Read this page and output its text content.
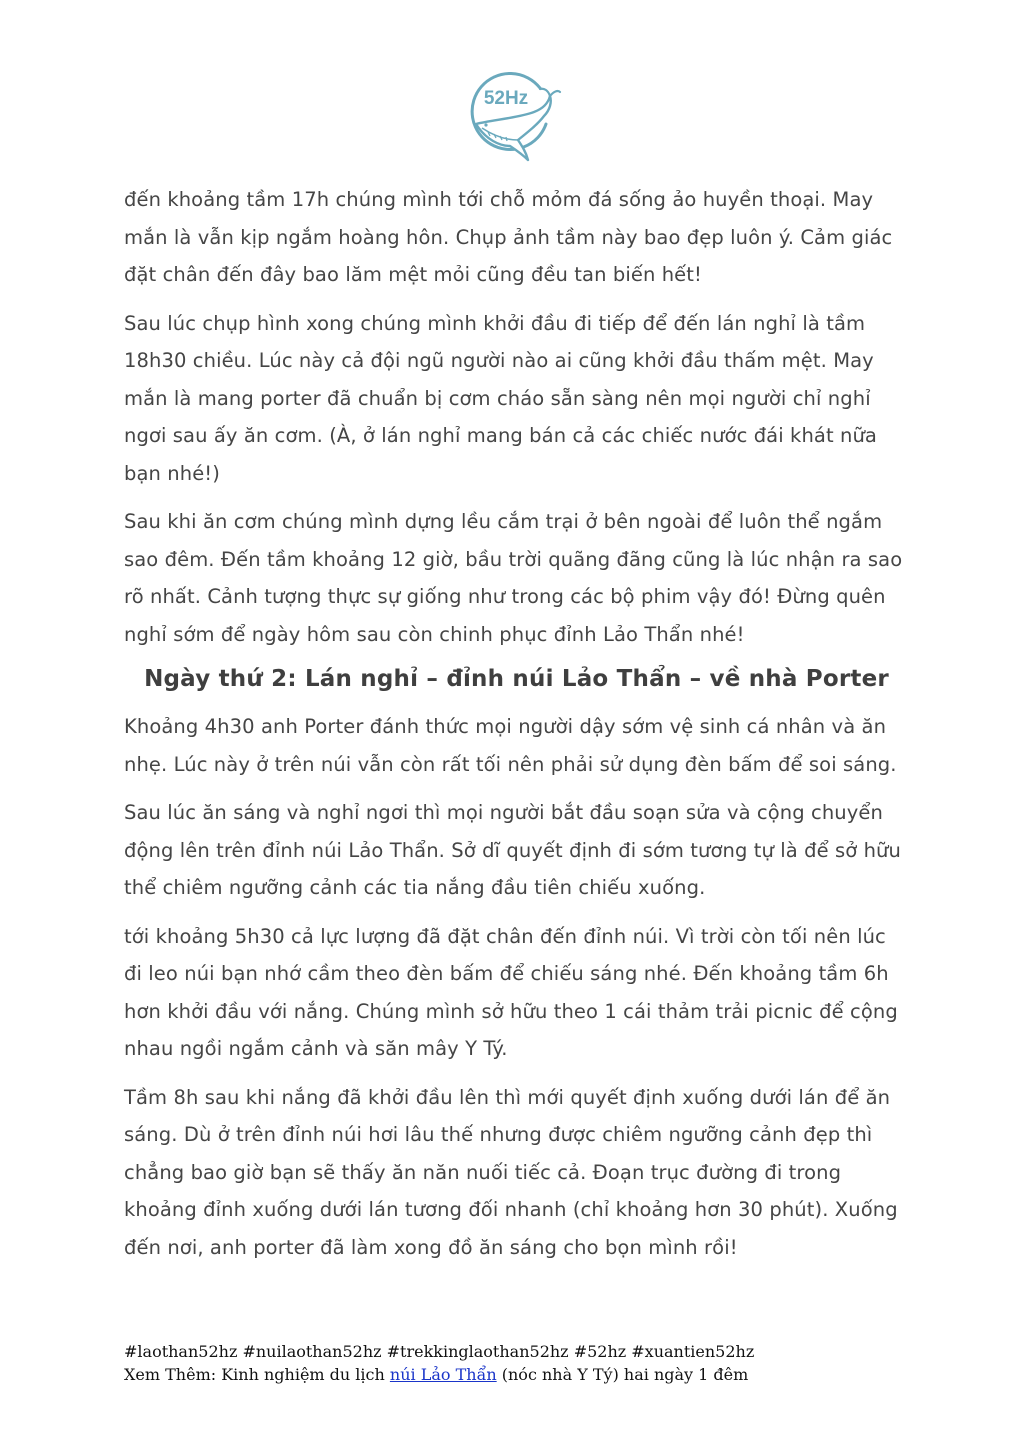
52Hz

đến khoảng tầm 17h chúng mình tới chỗ mỏm đá sống ảo huyền thoại. May mắn là vẫn kịp ngắm hoàng hôn. Chụp ảnh tầm này bao đẹp luôn ý. Cảm giác đặt chân đến đây bao lăm mệt mỏi cũng đều tan biến hết!

Sau lúc chụp hình xong chúng mình khởi đầu đi tiếp để đến lán nghỉ là tầm 18h30 chiều. Lúc này cả đội ngũ người nào ai cũng khởi đầu thấm mệt. May mắn là mang porter đã chuẩn bị cơm cháo sẵn sàng nên mọi người chỉ nghỉ ngơi sau ấy ăn cơm. (À, ở lán nghỉ mang bán cả các chiếc nước đái khát nữa bạn nhé!)

Sau khi ăn cơm chúng mình dựng lều cắm trại ở bên ngoài để luôn thể ngắm sao đêm. Đến tầm khoảng 12 giờ, bầu trời quãng đãng cũng là lúc nhận ra sao rõ nhất. Cảnh tượng thực sự giống như trong các bộ phim vậy đó! Đừng quên nghỉ sớm để ngày hôm sau còn chinh phục đỉnh Lảo Thẩn nhé!

Ngày thứ 2: Lán nghỉ – đỉnh núi Lảo Thẩn – về nhà Porter

Khoảng 4h30 anh Porter đánh thức mọi người dậy sớm vệ sinh cá nhân và ăn nhẹ. Lúc này ở trên núi vẫn còn rất tối nên phải sử dụng đèn bấm để soi sáng.

Sau lúc ăn sáng và nghỉ ngơi thì mọi người bắt đầu soạn sửa và cộng chuyển động lên trên đỉnh núi Lảo Thẩn. Sở dĩ quyết định đi sớm tương tự là để sở hữu thể chiêm ngưỡng cảnh các tia nắng đầu tiên chiếu xuống.

tới khoảng 5h30 cả lực lượng đã đặt chân đến đỉnh núi. Vì trời còn tối nên lúc đi leo núi bạn nhớ cầm theo đèn bấm để chiếu sáng nhé. Đến khoảng tầm 6h hơn khởi đầu với nắng. Chúng mình sở hữu theo 1 cái thảm trải picnic để cộng nhau ngồi ngắm cảnh và săn mây Y Tý.

Tầm 8h sau khi nắng đã khởi đầu lên thì mới quyết định xuống dưới lán để ăn sáng. Dù ở trên đỉnh núi hơi lâu thế nhưng được chiêm ngưỡng cảnh đẹp thì chẳng bao giờ bạn sẽ thấy ăn năn nuối tiếc cả. Đoạn trục đường đi trong khoảng đỉnh xuống dưới lán tương đối nhanh (chỉ khoảng hơn 30 phút). Xuống đến nơi, anh porter đã làm xong đồ ăn sáng cho bọn mình rồi!

#laothan52hz #nuilaothan52hz #trekkinglaothan52hz #52hz #xuantien52hz
Xem Thêm: Kinh nghiệm du lịch núi Lảo Thẩn (nóc nhà Y Tý) hai ngày 1 đêm
